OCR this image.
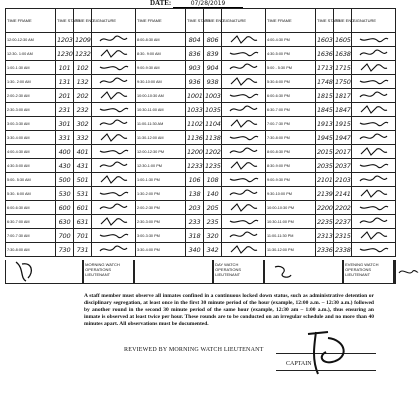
DATE:	07/28/2019
TIME FRAME	TIME START	TIME END	SIGNATURE	TIME FRAME	TIME START	TIME END	SIGNATURE	TIME FRAME	TIME START	TIME END	SIGNATURE
12:00-12:30 AM	1203	1209		8:00-8:30 AM	804	806		4:00-4:30 PM	1603	1605	

12:30- 1:00 AM	1230	1232		8:30- 9:00 AM	836	839		4:30-5:00 PM	1636	1638	

1:00-1:30 AM	101	102		9:00-9:30 AM	903	904		5:00 - 5:30 PM	1713	1715	

1:30- 2:00 AM	131	132		9:30-10:00 AM	936	938		5:30-6:00 PM	1748	1750	

2:00-2:30 AM	201	202		10:00-10:30 AM	1001	1003		6:00-6:30 PM	1815	1817	

2:30-3:00 AM	231	232		10:30-11:00 AM	1033	1035		6:30-7:00 PM	1845	1847	

3:00-3:30 AM	301	302		11:00-11:30 AM	1102	1104		7:00-7:30 PM	1913	1915	

3:30-4:00 AM	331	332		11:30-12:00 AM	1136	1138		7:30-8:00 PM	1945	1947	

4:00-4:30 AM	400	401		12:00-12:30 PM	1200	1202		8:00-8:30 PM	2015	2017	

4:30-5:00 AM	430	431		12:30-1:00 PM	1233	1235		8:30-9:00 PM	2035	2037	

5:00- 5:30 AM	500	501		1:00-1:30 PM	106	108		9:00-9:30 PM	2101	2103	

5:30- 6:00 AM	530	531		1:30-2:00 PM	138	140		9:30-10:00 PM	2139	2141	

6:00-6:30 AM	600	601		2:00-2:30 PM	203	205		10:00-10:30 PM	2200	2202	

6:30-7:00 AM	630	631		2:30-3:00 PM	233	235		10:30-11:00 PM	2235	2237	

7:00-7:30 AM	700	701		3:00-3:30 PM	318	320		11:00-11:30 PM	2313	2315	

7:30-8:00 AM	730	731		3:30-4:00 PM	340	342		11:30-12:00 PM	2336	2338	
MORNING WATCH OPERATIONS LIEUTENANT
DAY WATCH OPERATIONS LIEUTENANT
EVENING WATCH OPERATIONS LIEUTENANT
A staff member must observe all inmates confined in a continuous locked down status, such as administrative detention or disciplinary segregation, at least once in the first 30 minute period of the hour (example, 12:00 a.m. – 12:30 a.m.) followed by another round in the second 30 minute period of the same hour (example, 12:30 am – 1:00 a.m.), thus ensuring an inmate is observed at least twice per hour. These rounds are to be conducted on an irregular schedule and no more than 40 minutes apart. All observations must be documented.
REVIEWED BY MORNING WATCH LIEUTENANT
CAPTAIN
